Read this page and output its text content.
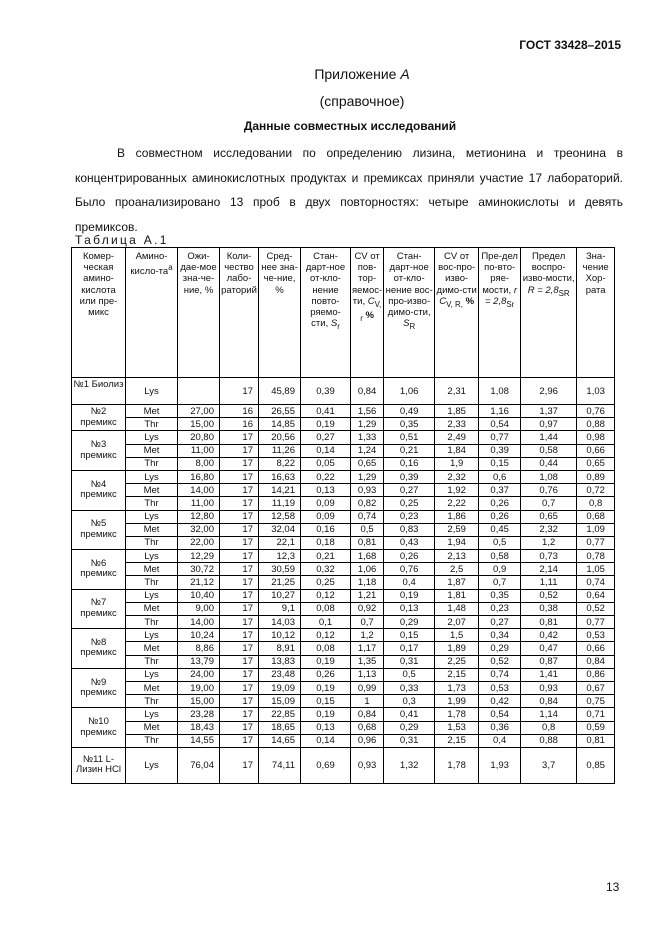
ГОСТ 33428–2015
Приложение А
(справочное)
Данные совместных исследований
В совместном исследовании по определению лизина, метионина и треонина в концентрированных аминокислотных продуктах и премиксах приняли участие 17 лабораторий. Было проанализировано 13 проб в двух повторностях: четыре аминокислоты и девять премиксов.
Таблица А.1
Комер-ческая амино-кислота или пре-микс	Амино-$кисло-та^a$	Ожи-дае-мое зна-че-ние, %	Коли-чество лабо-раторий	Сред-нее зна-че-ние, %	Стан-дарт-ное от-кло-нение повто-ряемо-сти, $S_r$	CV от пов-тор-яемос-ти, $C_{V, r}$ %	Стан-дарт-ное от-кло-нение вос-про-изво-димо-сти, $S_R$	CV от вос-про-изво-димо-сти $C_{V, R,}$ %	Пре-дел по-вто-ряе-мости, $r = 2,8_{Sr}$	Предел воспро-изво-мости, $R = 2,8_{SR}$	Зна-чение Хор-рата
№1 Биолиз	Lys		17	45,89	0,39	0,84	1,06	2,31	1,08	2,96	1,03
№2 премикс	Met	27,00	16	26,55	0,41	1,56	0,49	1,85	1,16	1,37	0,76
	Thr	15,00	16	14,85	0,19	1,29	0,35	2,33	0,54	0,97	0,88
№3 премикс	Lys	20,80	17	20,56	0,27	1,33	0,51	2,49	0,77	1,44	0,98
	Met	11,00	17	11,26	0,14	1,24	0,21	1,84	0,39	0,58	0,66
	Thr	8,00	17	8,22	0,05	0,65	0,16	1,9	0,15	0,44	0,65
№4 премикс	Lys	16,80	17	16,63	0,22	1,29	0,39	2,32	0,6	1,08	0,89
	Met	14,00	17	14,21	0,13	0,93	0,27	1,92	0,37	0,76	0,72
	Thr	11,00	17	11,19	0,09	0,82	0,25	2,22	0,26	0,7	0,8
№5 премикс	Lys	12,80	17	12,58	0,09	0,74	0,23	1,86	0,26	0,65	0,68
	Met	32,00	17	32,04	0,16	0,5	0,83	2,59	0,45	2,32	1,09
	Thr	22,00	17	22,1	0,18	0,81	0,43	1,94	0,5	1,2	0,77
№6 премикс	Lys	12,29	17	12,3	0,21	1,68	0,26	2,13	0,58	0,73	0,78
	Met	30,72	17	30,59	0,32	1,06	0,76	2,5	0,9	2,14	1,05
	Thr	21,12	17	21,25	0,25	1,18	0,4	1,87	0,7	1,11	0,74
№7 премикс	Lys	10,40	17	10,27	0,12	1,21	0,19	1,81	0,35	0,52	0,64
	Met	9,00	17	9,1	0,08	0,92	0,13	1,48	0,23	0,38	0,52
	Thr	14,00	17	14,03	0,1	0,7	0,29	2,07	0,27	0,81	0,77
№8 премикс	Lys	10,24	17	10,12	0,12	1,2	0,15	1,5	0,34	0,42	0,53
	Met	8,86	17	8,91	0,08	1,17	0,17	1,89	0,29	0,47	0,66
	Thr	13,79	17	13,83	0,19	1,35	0,31	2,25	0,52	0,87	0,84
№9 премикс	Lys	24,00	17	23,48	0,26	1,13	0,5	2,15	0,74	1,41	0,86
	Met	19,00	17	19,09	0,19	0,99	0,33	1,73	0,53	0,93	0,67
	Thr	15,00	17	15,09	0,15	1	0,3	1,99	0,42	0,84	0,75
№10 премикс	Lys	23,28	17	22,85	0,19	0,84	0,41	1,78	0,54	1,14	0,71
	Met	18,43	17	18,65	0,13	0,68	0,29	1,53	0,36	0,8	0,59
	Thr	14,55	17	14,65	0,14	0,96	0,31	2,15	0,4	0,88	0,81
№11 L-Лизин HCl	Lys	76,04	17	74,11	0,69	0,93	1,32	1,78	1,93	3,7	0,85
13
